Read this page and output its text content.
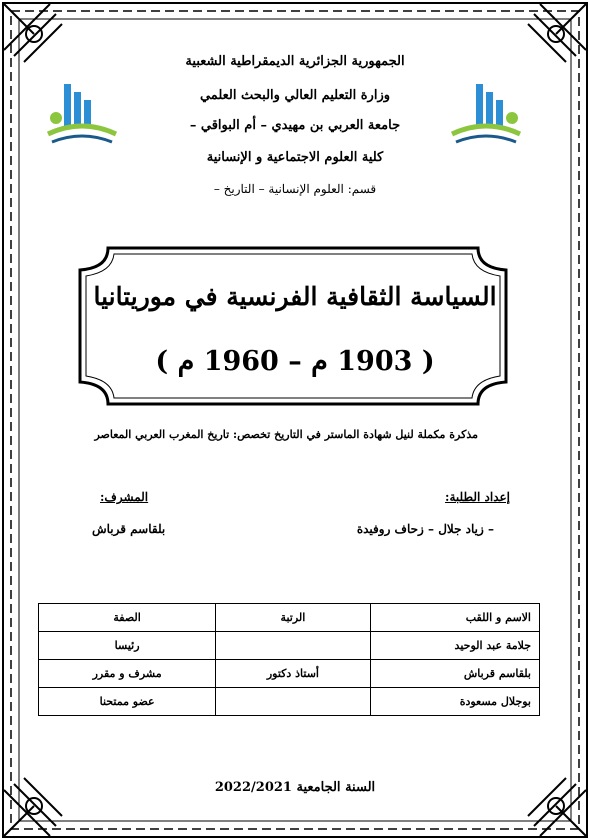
الجمهورية الجزائرية الديمقراطية الشعبية
وزارة التعليم العالي والبحث العلمي
جامعة العربي بن مهيدي – أم البواقي –
كلية العلوم الاجتماعية و الإنسانية
قسم: العلوم الإنسانية – التاريخ –
السياسة الثقافية الفرنسية في موريتانيا
( 1903 م – 1960 م )
مذكرة مكملة لنيل شهادة الماستر في التاريخ تخصص: تاريخ المغرب العربي المعاصر
إعداد الطلبة:
– زياد جلال – زحاف روفيدة
المشرف:
بلقاسم قرباش
الاسم و اللقب	الرتبة	الصفة
جلامة عبد الوحيد		رئيسا
بلقاسم قرباش	أستاذ دكتور	مشرف و مقرر
بوجلال مسعودة		عضو ممتحنا
السنة الجامعية 2022/2021
